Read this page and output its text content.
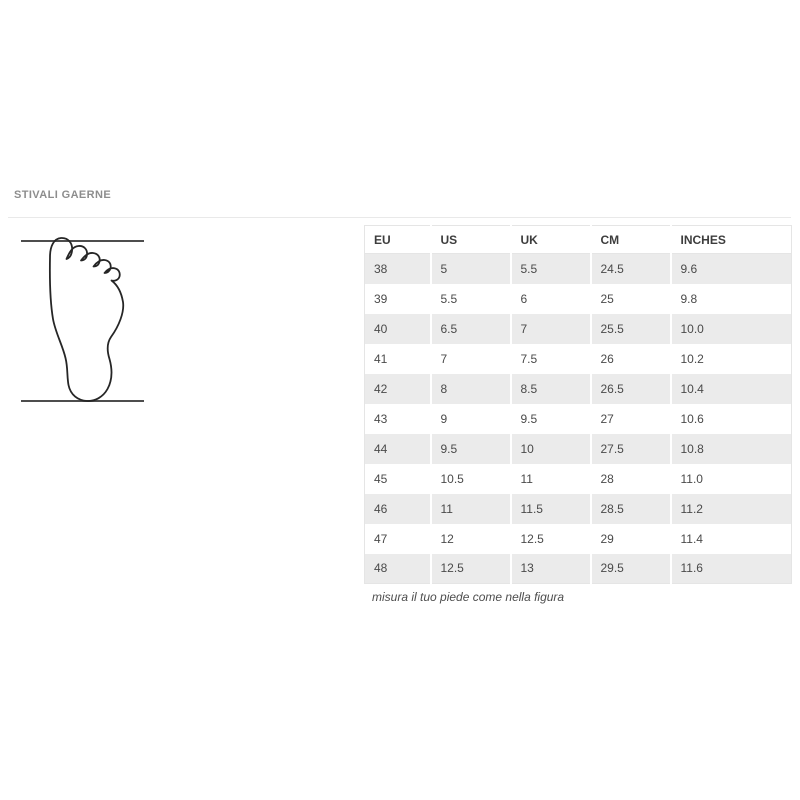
STIVALI GAERNE
EU	US	UK	CM	INCHES
38	5	5.5	24.5	9.6
39	5.5	6	25	9.8
40	6.5	7	25.5	10.0
41	7	7.5	26	10.2
42	8	8.5	26.5	10.4
43	9	9.5	27	10.6
44	9.5	10	27.5	10.8
45	10.5	11	28	11.0
46	11	11.5	28.5	11.2
47	12	12.5	29	11.4
48	12.5	13	29.5	11.6
misura il tuo piede come nella figura
